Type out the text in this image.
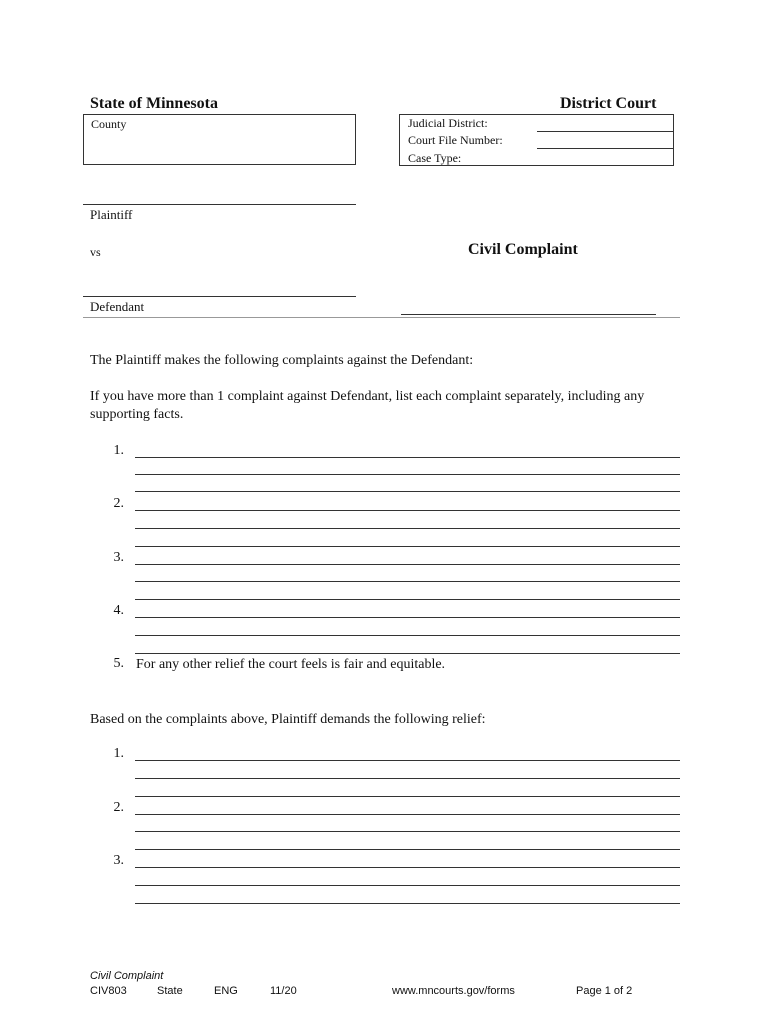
State of Minnesota	District Court
County	Judicial District:
Court File Number:
Case Type:
Plaintiff
vs	Civil Complaint
Defendant
The Plaintiff makes the following complaints against the Defendant:
If you have more than 1 complaint against Defendant, list each complaint separately, including any supporting facts.
1.
2.
3.
4.
5. For any other relief the court feels is fair and equitable.
Based on the complaints above, Plaintiff demands the following relief:
1.
2.
3.
Civil Complaint
CIV803	State	ENG	11/20	www.mncourts.gov/forms	Page 1 of 2
